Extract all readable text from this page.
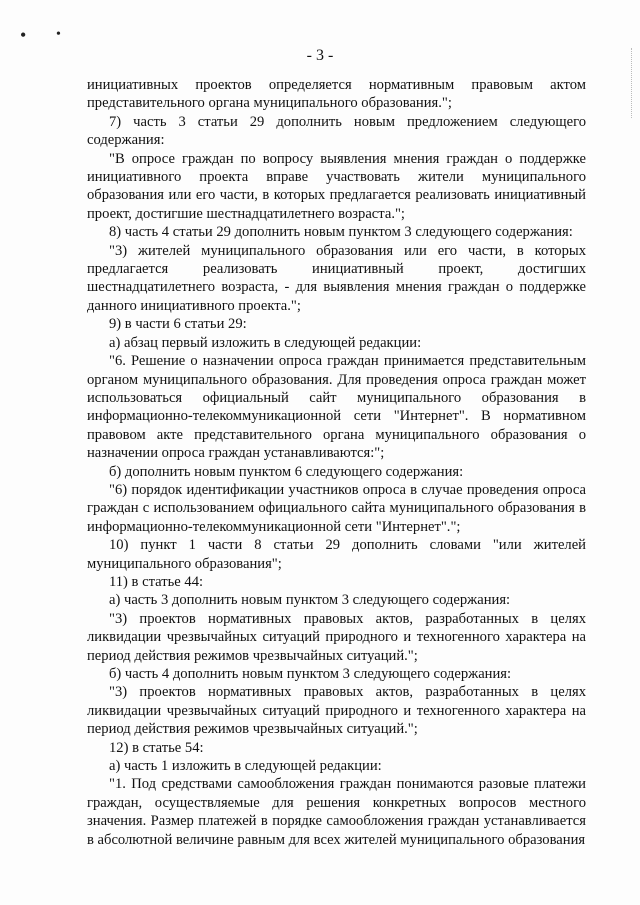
• •
- 3 -

инициативных проектов определяется нормативным правовым актом представительного органа муниципального образования.";

7) часть 3 статьи 29 дополнить новым предложением следующего содержания:

"В опросе граждан по вопросу выявления мнения граждан о поддержке инициативного проекта вправе участвовать жители муниципального образования или его части, в которых предлагается реализовать инициативный проект, достигшие шестнадцатилетнего возраста.";

8) часть 4 статьи 29 дополнить новым пунктом 3 следующего содержания:

"3) жителей муниципального образования или его части, в которых предлагается реализовать инициативный проект, достигших шестнадцатилетнего возраста, - для выявления мнения граждан о поддержке данного инициативного проекта.";

9) в части 6 статьи 29:

а) абзац первый изложить в следующей редакции:

"6. Решение о назначении опроса граждан принимается представительным органом муниципального образования. Для проведения опроса граждан может использоваться официальный сайт муниципального образования в информационно-телекоммуникационной сети "Интернет". В нормативном правовом акте представительного органа муниципального образования о назначении опроса граждан устанавливаются:";

б) дополнить новым пунктом 6 следующего содержания:

"6) порядок идентификации участников опроса в случае проведения опроса граждан с использованием официального сайта муниципального образования в информационно-телекоммуникационной сети "Интернет".";

10) пункт 1 части 8 статьи 29 дополнить словами "или жителей муниципального образования";

11) в статье 44:

а) часть 3 дополнить новым пунктом 3 следующего содержания:

"3) проектов нормативных правовых актов, разработанных в целях ликвидации чрезвычайных ситуаций природного и техногенного характера на период действия режимов чрезвычайных ситуаций.";

б) часть 4 дополнить новым пунктом 3 следующего содержания:

"3) проектов нормативных правовых актов, разработанных в целях ликвидации чрезвычайных ситуаций природного и техногенного характера на период действия режимов чрезвычайных ситуаций.";

12) в статье 54:

а) часть 1 изложить в следующей редакции:

"1. Под средствами самообложения граждан понимаются разовые платежи граждан, осуществляемые для решения конкретных вопросов местного значения. Размер платежей в порядке самообложения граждан устанавливается в абсолютной величине равным для всех жителей муниципального образования
